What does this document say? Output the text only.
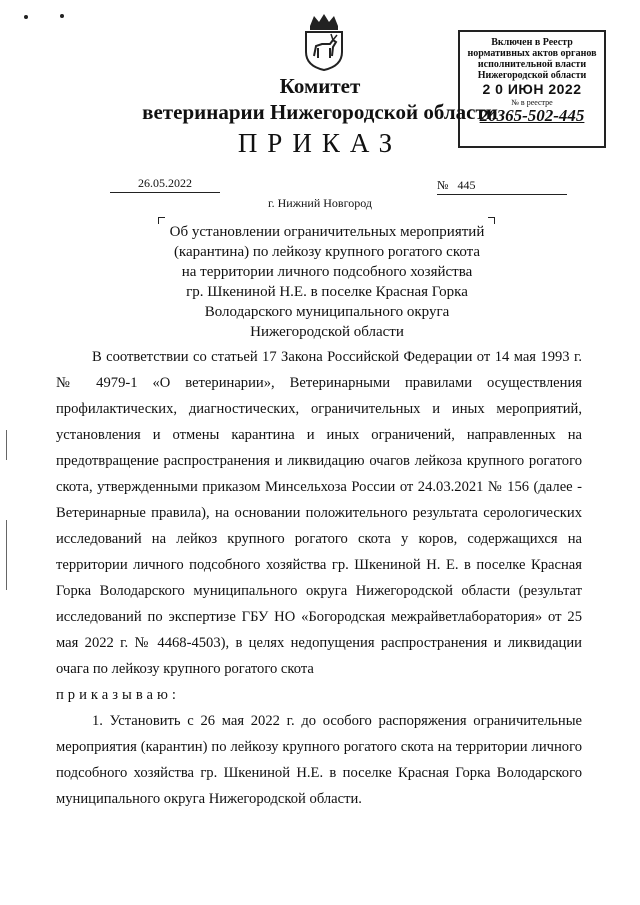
Включен в Реестр
нормативных актов органов
исполнительной власти
Нижегородской области
2 0 ИЮН 2022
№ в реестре
20365-502-445
Комитет
ветеринарии Нижегородской области
ПРИКАЗ
26.05.2022	№ 445
г. Нижний Новгород
Об установлении ограничительных мероприятий
(карантина) по лейкозу крупного рогатого скота
на территории личного подсобного хозяйства
гр. Шкениной Н.Е. в поселке Красная Горка
Володарского муниципального округа
Нижегородской области

В соответствии со статьей 17 Закона Российской Федерации от 14 мая 1993 г. № 4979-1 «О ветеринарии», Ветеринарными правилами осуществления профилактических, диагностических, ограничительных и иных мероприятий, установления и отмены карантина и иных ограничений, направленных на предотвращение распространения и ликвидацию очагов лейкоза крупного рогатого скота, утвержденными приказом Минсельхоза России от 24.03.2021 № 156 (далее - Ветеринарные правила), на основании положительного результата серологических исследований на лейкоз крупного рогатого скота у коров, содержащихся на территории личного подсобного хозяйства гр. Шкениной Н. Е. в поселке Красная Горка Володарского муниципального округа Нижегородской области (результат исследований по экспертизе ГБУ НО «Богородская межрайветлаборатория» от 25 мая 2022 г. № 4468-4503), в целях недопущения распространения и ликвидации очага по лейкозу крупного рогатого скота

приказываю:

1. Установить с 26 мая 2022 г. до особого распоряжения ограничительные мероприятия (карантин) по лейкозу крупного рогатого скота на территории личного подсобного хозяйства гр. Шкениной Н.Е. в поселке Красная Горка Володарского муниципального округа Нижегородской области.
